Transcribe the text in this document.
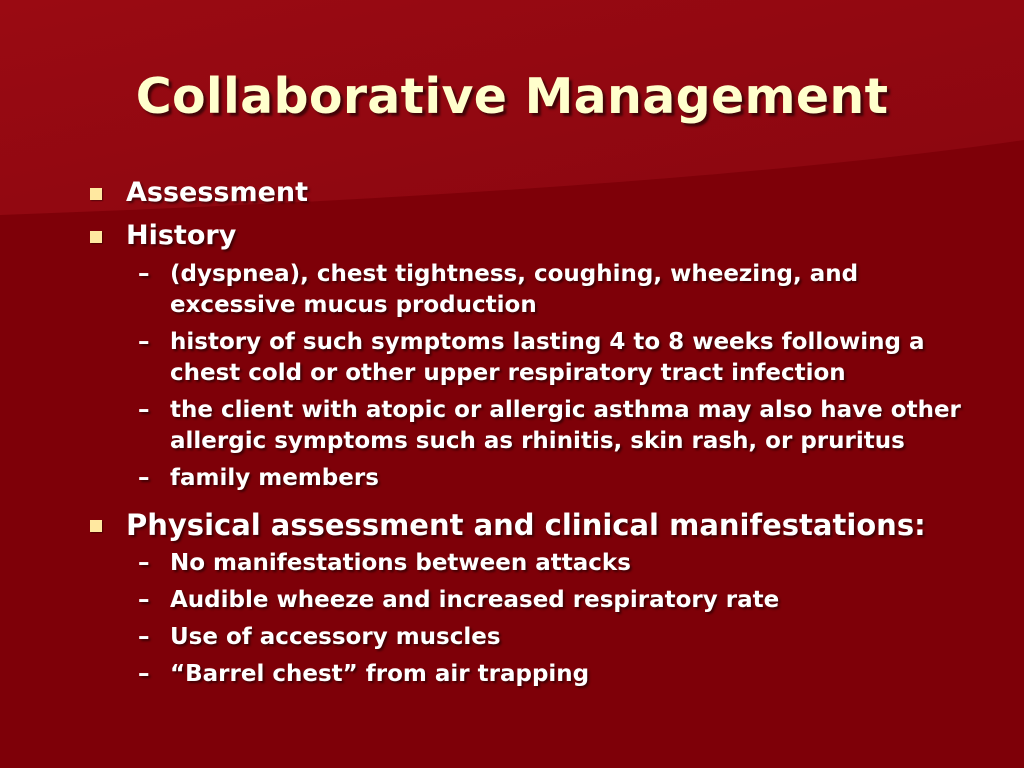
Collaborative Management
Assessment
History
– (dyspnea), chest tightness, coughing, wheezing, and excessive mucus production
– history of such symptoms lasting 4 to 8 weeks following a chest cold or other upper respiratory tract infection
– the client with atopic or allergic asthma may also have other allergic symptoms such as rhinitis, skin rash, or pruritus
– family members
Physical assessment and clinical manifestations:
– No manifestations between attacks
– Audible wheeze and increased respiratory rate
– Use of accessory muscles
– “Barrel chest” from air trapping
